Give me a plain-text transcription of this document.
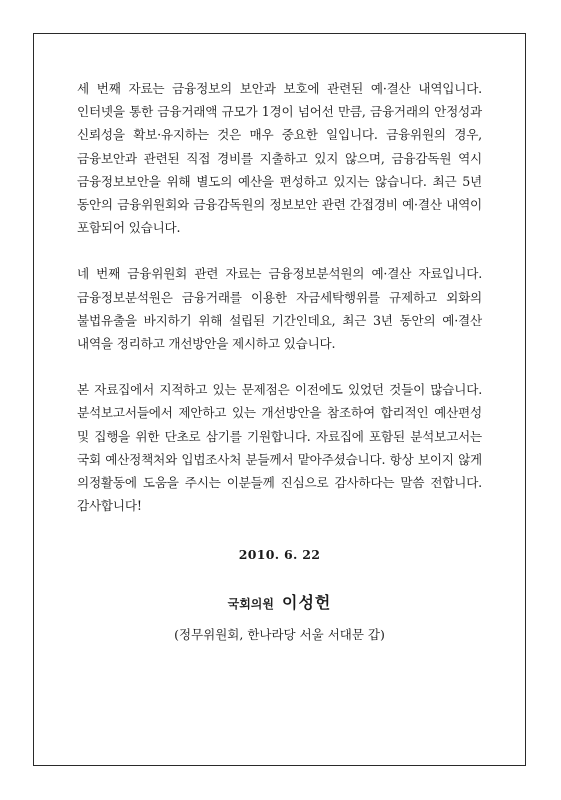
세 번째 자료는 금융정보의 보안과 보호에 관련된 예·결산 내역입니다. 인터넷을 통한 금융거래액 규모가 1경이 넘어선 만큼, 금융거래의 안정성과 신뢰성을 확보·유지하는 것은 매우 중요한 일입니다. 금융위원의 경우, 금융보안과 관련된 직접 경비를 지출하고 있지 않으며, 금융감독원 역시 금융정보보안을 위해 별도의 예산을 편성하고 있지는 않습니다. 최근 5년 동안의 금융위원회와 금융감독원의 정보보안 관련 간접경비 예·결산 내역이 포함되어 있습니다.

네 번째 금융위원회 관련 자료는 금융정보분석원의 예·결산 자료입니다. 금융정보분석원은 금융거래를 이용한 자금세탁행위를 규제하고 외화의 불법유출을 바지하기 위해 설립된 기간인데요, 최근 3년 동안의 예·결산 내역을 정리하고 개선방안을 제시하고 있습니다.

본 자료집에서 지적하고 있는 문제점은 이전에도 있었던 것들이 많습니다. 분석보고서들에서 제안하고 있는 개선방안을 참조하여 합리적인 예산편성 및 집행을 위한 단초로 삼기를 기원합니다. 자료집에 포함된 분석보고서는 국회 예산정책처와 입법조사처 분들께서 맡아주셨습니다. 항상 보이지 않게 의정활동에 도움을 주시는 이분들께 진심으로 감사하다는 말씀 전합니다. 감사합니다!

2010. 6. 22
국회의원 이성헌
(정무위원회, 한나라당 서울 서대문 갑)
